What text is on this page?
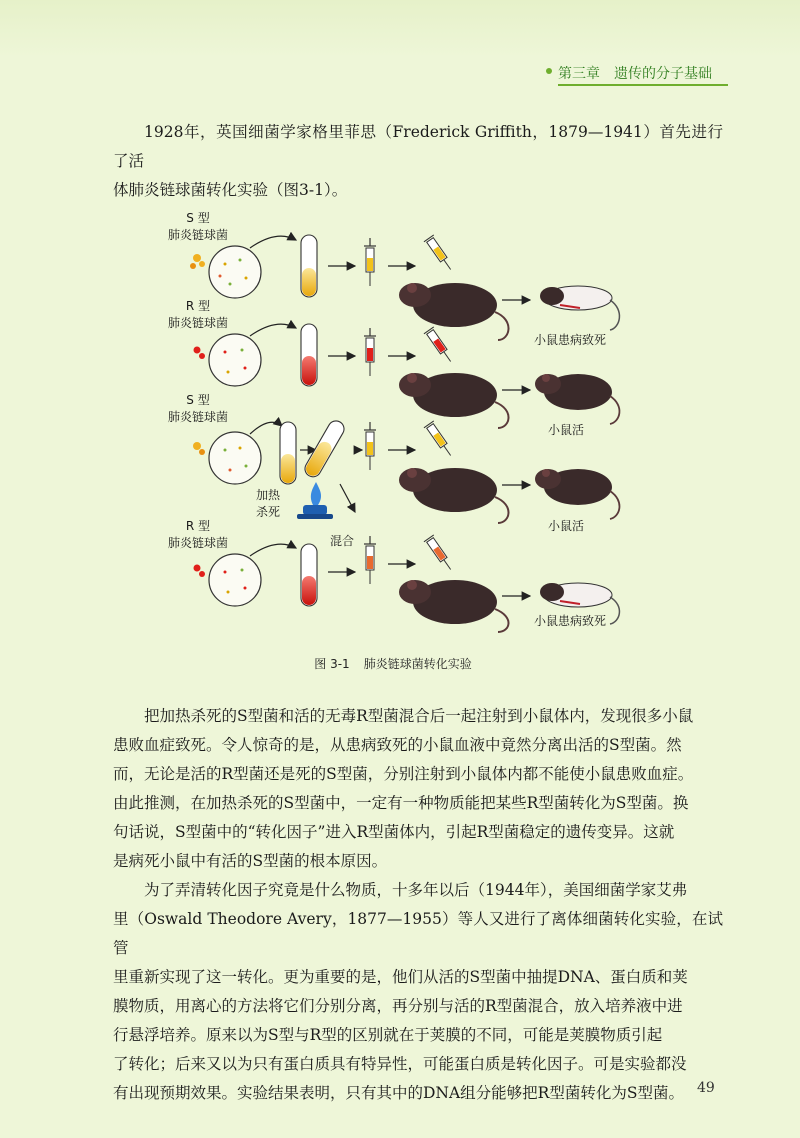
第三章 遗传的分子基础

1928年，英国细菌学家格里菲思（Frederick Griffith，1879—1941）首先进行了活
体肺炎链球菌转化实验（图3-1）。

S 型
肺炎链球菌
R 型
肺炎链球菌
S 型
肺炎链球菌
R 型
肺炎链球菌
加热
杀死
混合
小鼠患病致死
小鼠活
小鼠活
小鼠患病致死
图 3-1 肺炎链球菌转化实验

把加热杀死的S型菌和活的无毒R型菌混合后一起注射到小鼠体内，发现很多小鼠
患败血症致死。令人惊奇的是，从患病致死的小鼠血液中竟然分离出活的S型菌。然
而，无论是活的R型菌还是死的S型菌，分别注射到小鼠体内都不能使小鼠患败血症。
由此推测，在加热杀死的S型菌中，一定有一种物质能把某些R型菌转化为S型菌。换
句话说，S型菌中的“转化因子”进入R型菌体内，引起R型菌稳定的遗传变异。这就
是病死小鼠中有活的S型菌的根本原因。

为了弄清转化因子究竟是什么物质，十多年以后（1944年），美国细菌学家艾弗
里（Oswald Theodore Avery，1877—1955）等人又进行了离体细菌转化实验，在试管
里重新实现了这一转化。更为重要的是，他们从活的S型菌中抽提DNA、蛋白质和荚
膜物质，用离心的方法将它们分别分离，再分别与活的R型菌混合，放入培养液中进
行悬浮培养。原来以为S型与R型的区别就在于荚膜的不同，可能是荚膜物质引起
了转化；后来又以为只有蛋白质具有特异性，可能蛋白质是转化因子。可是实验都没
有出现预期效果。实验结果表明，只有其中的DNA组分能够把R型菌转化为S型菌。 49
